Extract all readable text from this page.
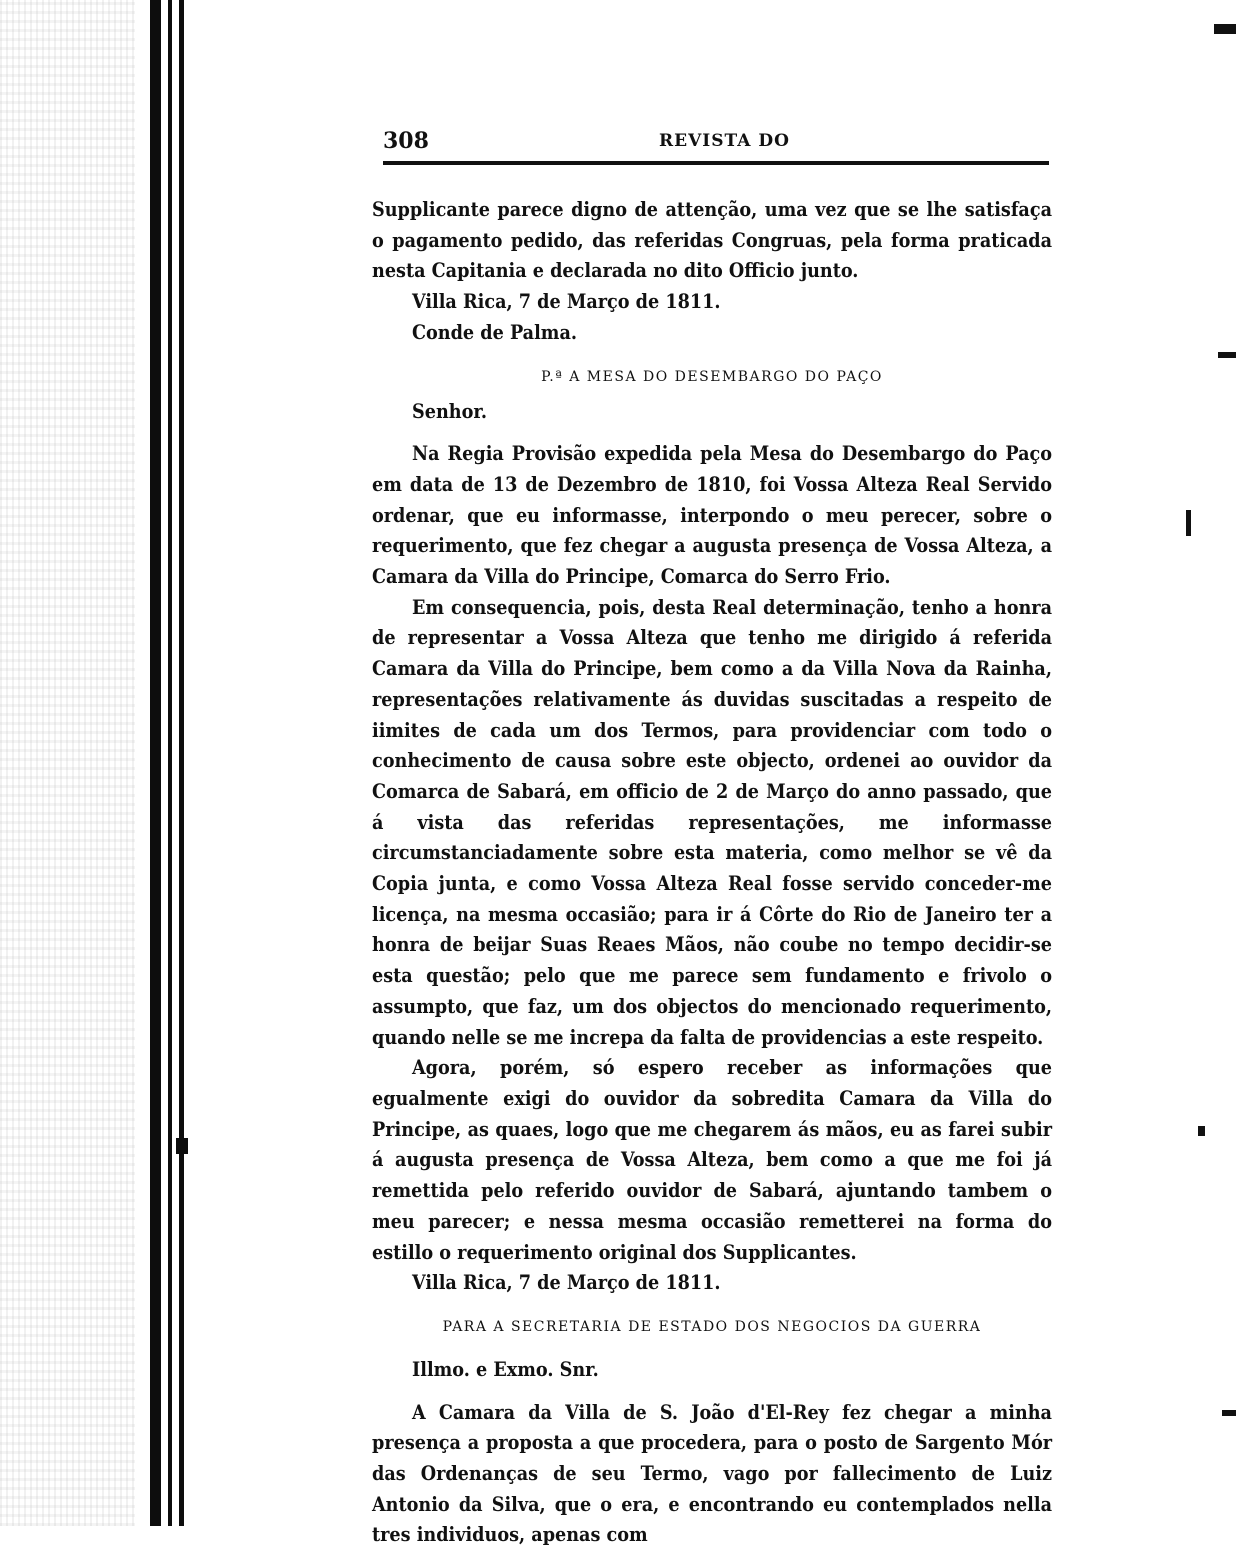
308	REVISTA DO

Supplicante parece digno de attenção, uma vez que se lhe satisfaça o pagamento pedido, das referidas Congruas, pela forma praticada nesta Capitania e declarada no dito Officio junto.

Villa Rica, 7 de Março de 1811.

Conde de Palma.

P.ª A MESA DO DESEMBARGO DO PAÇO

Senhor.

Na Regia Provisão expedida pela Mesa do Desembargo do Paço em data de 13 de Dezembro de 1810, foi Vossa Alteza Real Servido ordenar, que eu informasse, interpondo o meu perecer, sobre o requerimento, que fez chegar a augusta presença de Vossa Alteza, a Camara da Villa do Principe, Comarca do Serro Frio.

Em consequencia, pois, desta Real determinação, tenho a honra de representar a Vossa Alteza que tenho me dirigido á referida Camara da Villa do Principe, bem como a da Villa Nova da Rainha, representações relativamente ás duvidas suscitadas a respeito de iimites de cada um dos Termos, para providenciar com todo o conhecimento de causa sobre este objecto, ordenei ao ouvidor da Comarca de Sabará, em officio de 2 de Março do anno passado, que á vista das referidas representações, me informasse circumstanciadamente sobre esta materia, como melhor se vê da Copia junta, e como Vossa Alteza Real fosse servido conceder-me licença, na mesma occasião; para ir á Côrte do Rio de Janeiro ter a honra de beijar Suas Reaes Mãos, não coube no tempo decidir-se esta questão; pelo que me parece sem fundamento e frivolo o assumpto, que faz, um dos objectos do mencionado requerimento, quando nelle se me increpa da falta de providencias a este respeito.

Agora, porém, só espero receber as informações que egualmente exigi do ouvidor da sobredita Camara da Villa do Principe, as quaes, logo que me chegarem ás mãos, eu as farei subir á augusta presença de Vossa Alteza, bem como a que me foi já remettida pelo referido ouvidor de Sabará, ajuntando tambem o meu parecer; e nessa mesma occasião remetterei na forma do estillo o requerimento original dos Supplicantes.

Villa Rica, 7 de Março de 1811.

PARA A SECRETARIA DE ESTADO DOS NEGOCIOS DA GUERRA

Illmo. e Exmo. Snr.

A Camara da Villa de S. João d'El-Rey fez chegar a minha presença a proposta a que procedera, para o posto de Sargento Mór das Ordenanças de seu Termo, vago por fallecimento de Luiz Antonio da Silva, que o era, e encontrando eu contemplados nella tres individuos, apenas com
